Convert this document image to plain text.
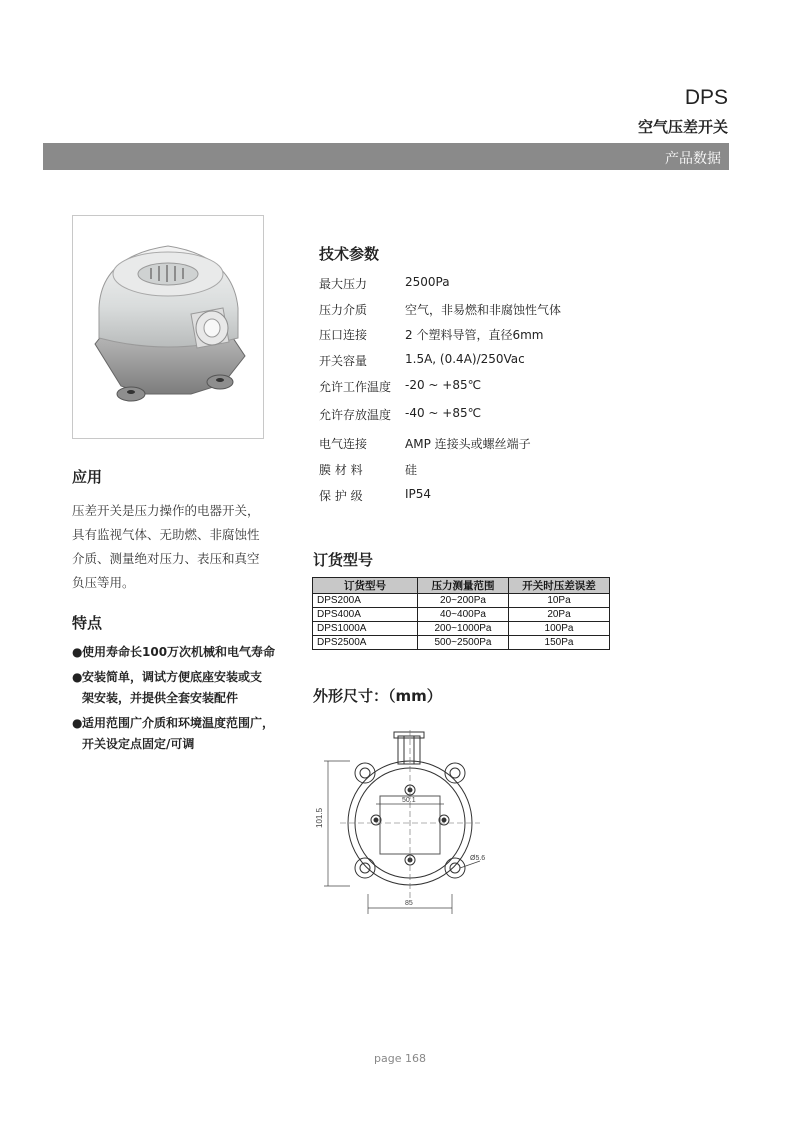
DPS
空气压差开关
产品数据
应用
压差开关是压力操作的电器开关，
具有监视气体、无助燃、非腐蚀性
介质、测量绝对压力、表压和真空
负压等用。
特点
●使用寿命长100万次机械和电气寿命
●安装简单，调试方便底座安装或支
架安装，并提供全套安装配件
●适用范围广介质和环境温度范围广，
开关设定点固定/可调
技术参数
最大压力	2500Pa
压力介质	空气，非易燃和非腐蚀性气体
压口连接	2 个塑料导管，直径6mm
开关容量	1.5A, (0.4A)/250Vac
允许工作温度 -20 ~ +85℃
允许存放温度 -40 ~ +85℃
电气连接	AMP 连接头或螺丝端子
膜 材 料	硅
保 护 级	IP54
订货型号
订货型号	压力测量范围	开关时压差误差
DPS200A	20~200Pa	10Pa
DPS400A	40~400Pa	20Pa
DPS1000A	200~1000Pa	100Pa
DPS2500A	500~2500Pa	150Pa
外形尺寸：（mm）
101.5
50.1
Ø5.6
85
page 168
